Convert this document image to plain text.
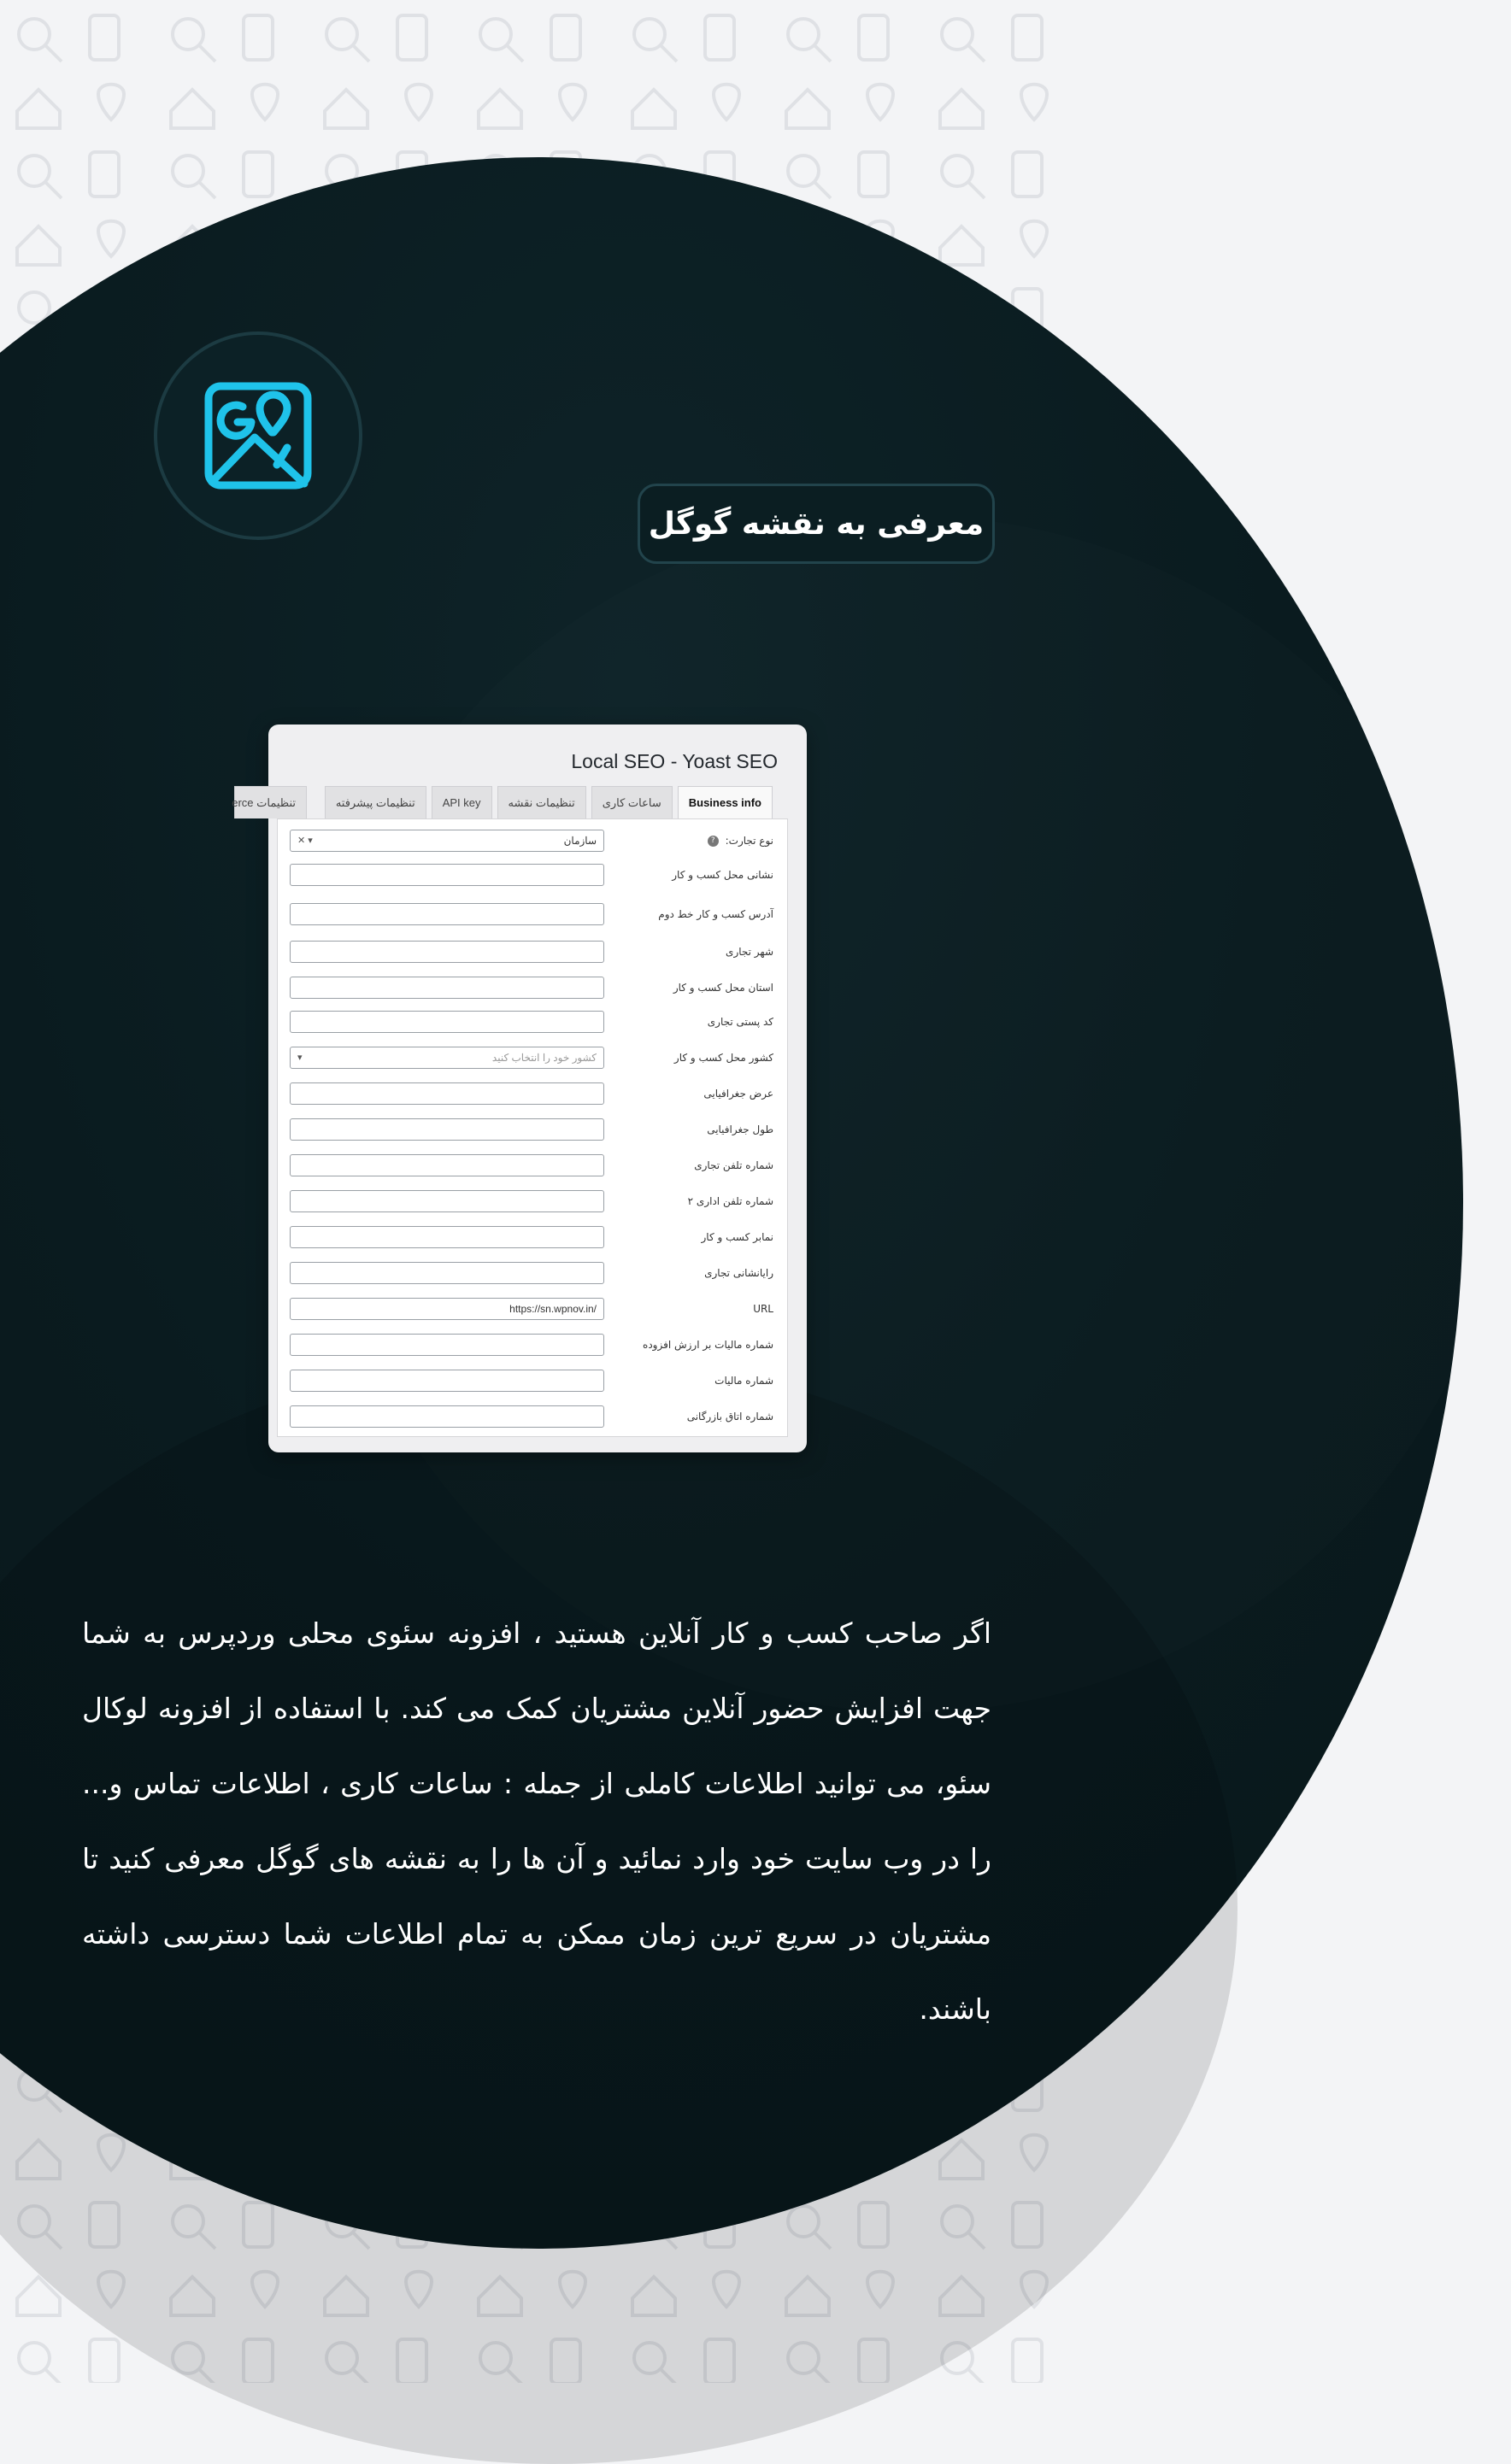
معرفی به نقشه گوگل
Local SEO - Yoast SEO
Business info
ساعات کاری
تنظیمات نقشه
API key
تنظیمات پیشرفته
erce تنظیمات
نوع تجارت: ?
سازمان
▾ ✕
نشانی محل کسب و کار
آدرس کسب و کار خط دوم
شهر تجاری
استان محل کسب و کار
کد پستی تجاری
کشور محل کسب و کار
کشور خود را انتخاب کنید
▾
عرض جغرافیایی
طول جغرافیایی
شماره تلفن تجاری
شماره تلفن اداری ۲
نمابر کسب و کار
رایانشانی تجاری
URL
https://sn.wpnov.in/
شماره مالیات بر ارزش افزوده
شماره مالیات
شماره اتاق بازرگانی
اگر صاحب کسب و کار آنلاین هستید ، افزونه سئوی محلی وردپرس به شما جهت افزایش حضور آنلاین مشتریان کمک می کند. با استفاده از افزونه لوکال سئو، می توانید اطلاعات کاملی از جمله : ساعات کاری ، اطلاعات تماس و... را در وب سایت خود وارد نمائید و آن ها را به نقشه های گوگل معرفی کنید تا مشتریان در سریع ترین زمان ممکن به تمام اطلاعات شما دسترسی داشته باشند.
